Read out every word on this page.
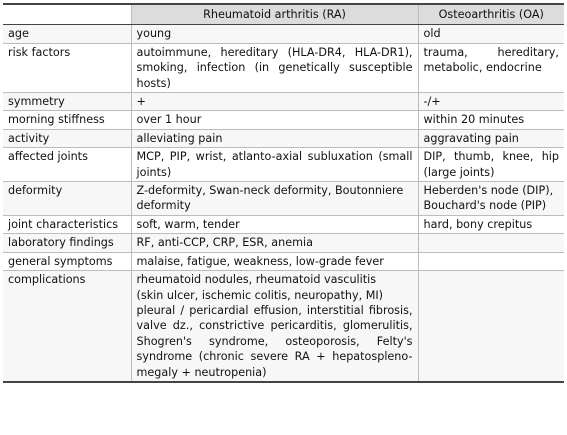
	Rheumatoid arthritis (RA)	Osteoarthritis (OA)
age	young	old
risk factors	autoimmune, hereditary (HLA-DR4, HLA-DR1), smoking, infection (in genetically susceptible hosts)	trauma, hereditary, metabolic, endocrine
symmetry	+	-/+
morning stiffness	over 1 hour	within 20 minutes
activity	alleviating pain	aggravating pain
affected joints	MCP, PIP, wrist, atlanto-axial subluxation (small joints)	DIP, thumb, knee, hip (large joints)
deformity	Z-deformity, Swan-neck deformity, Boutonniere deformity	Heberden's node (DIP), Bouchard's node (PIP)
joint characteristics	soft, warm, tender	hard, bony crepitus
laboratory findings	RF, anti-CCP, CRP, ESR, anemia	
general symptoms	malaise, fatigue, weakness, low-grade fever	
complications	rheumatoid nodules, rheumatoid vasculitis
(skin ulcer, ischemic colitis, neuropathy, MI)
pleural / pericardial effusion, interstitial fibrosis, valve dz., constrictive pericarditis, glomerulitis, Shogren's syndrome, osteoporosis, Felty's syndrome (chronic severe RA + hepatospleno-megaly + neutropenia)	
